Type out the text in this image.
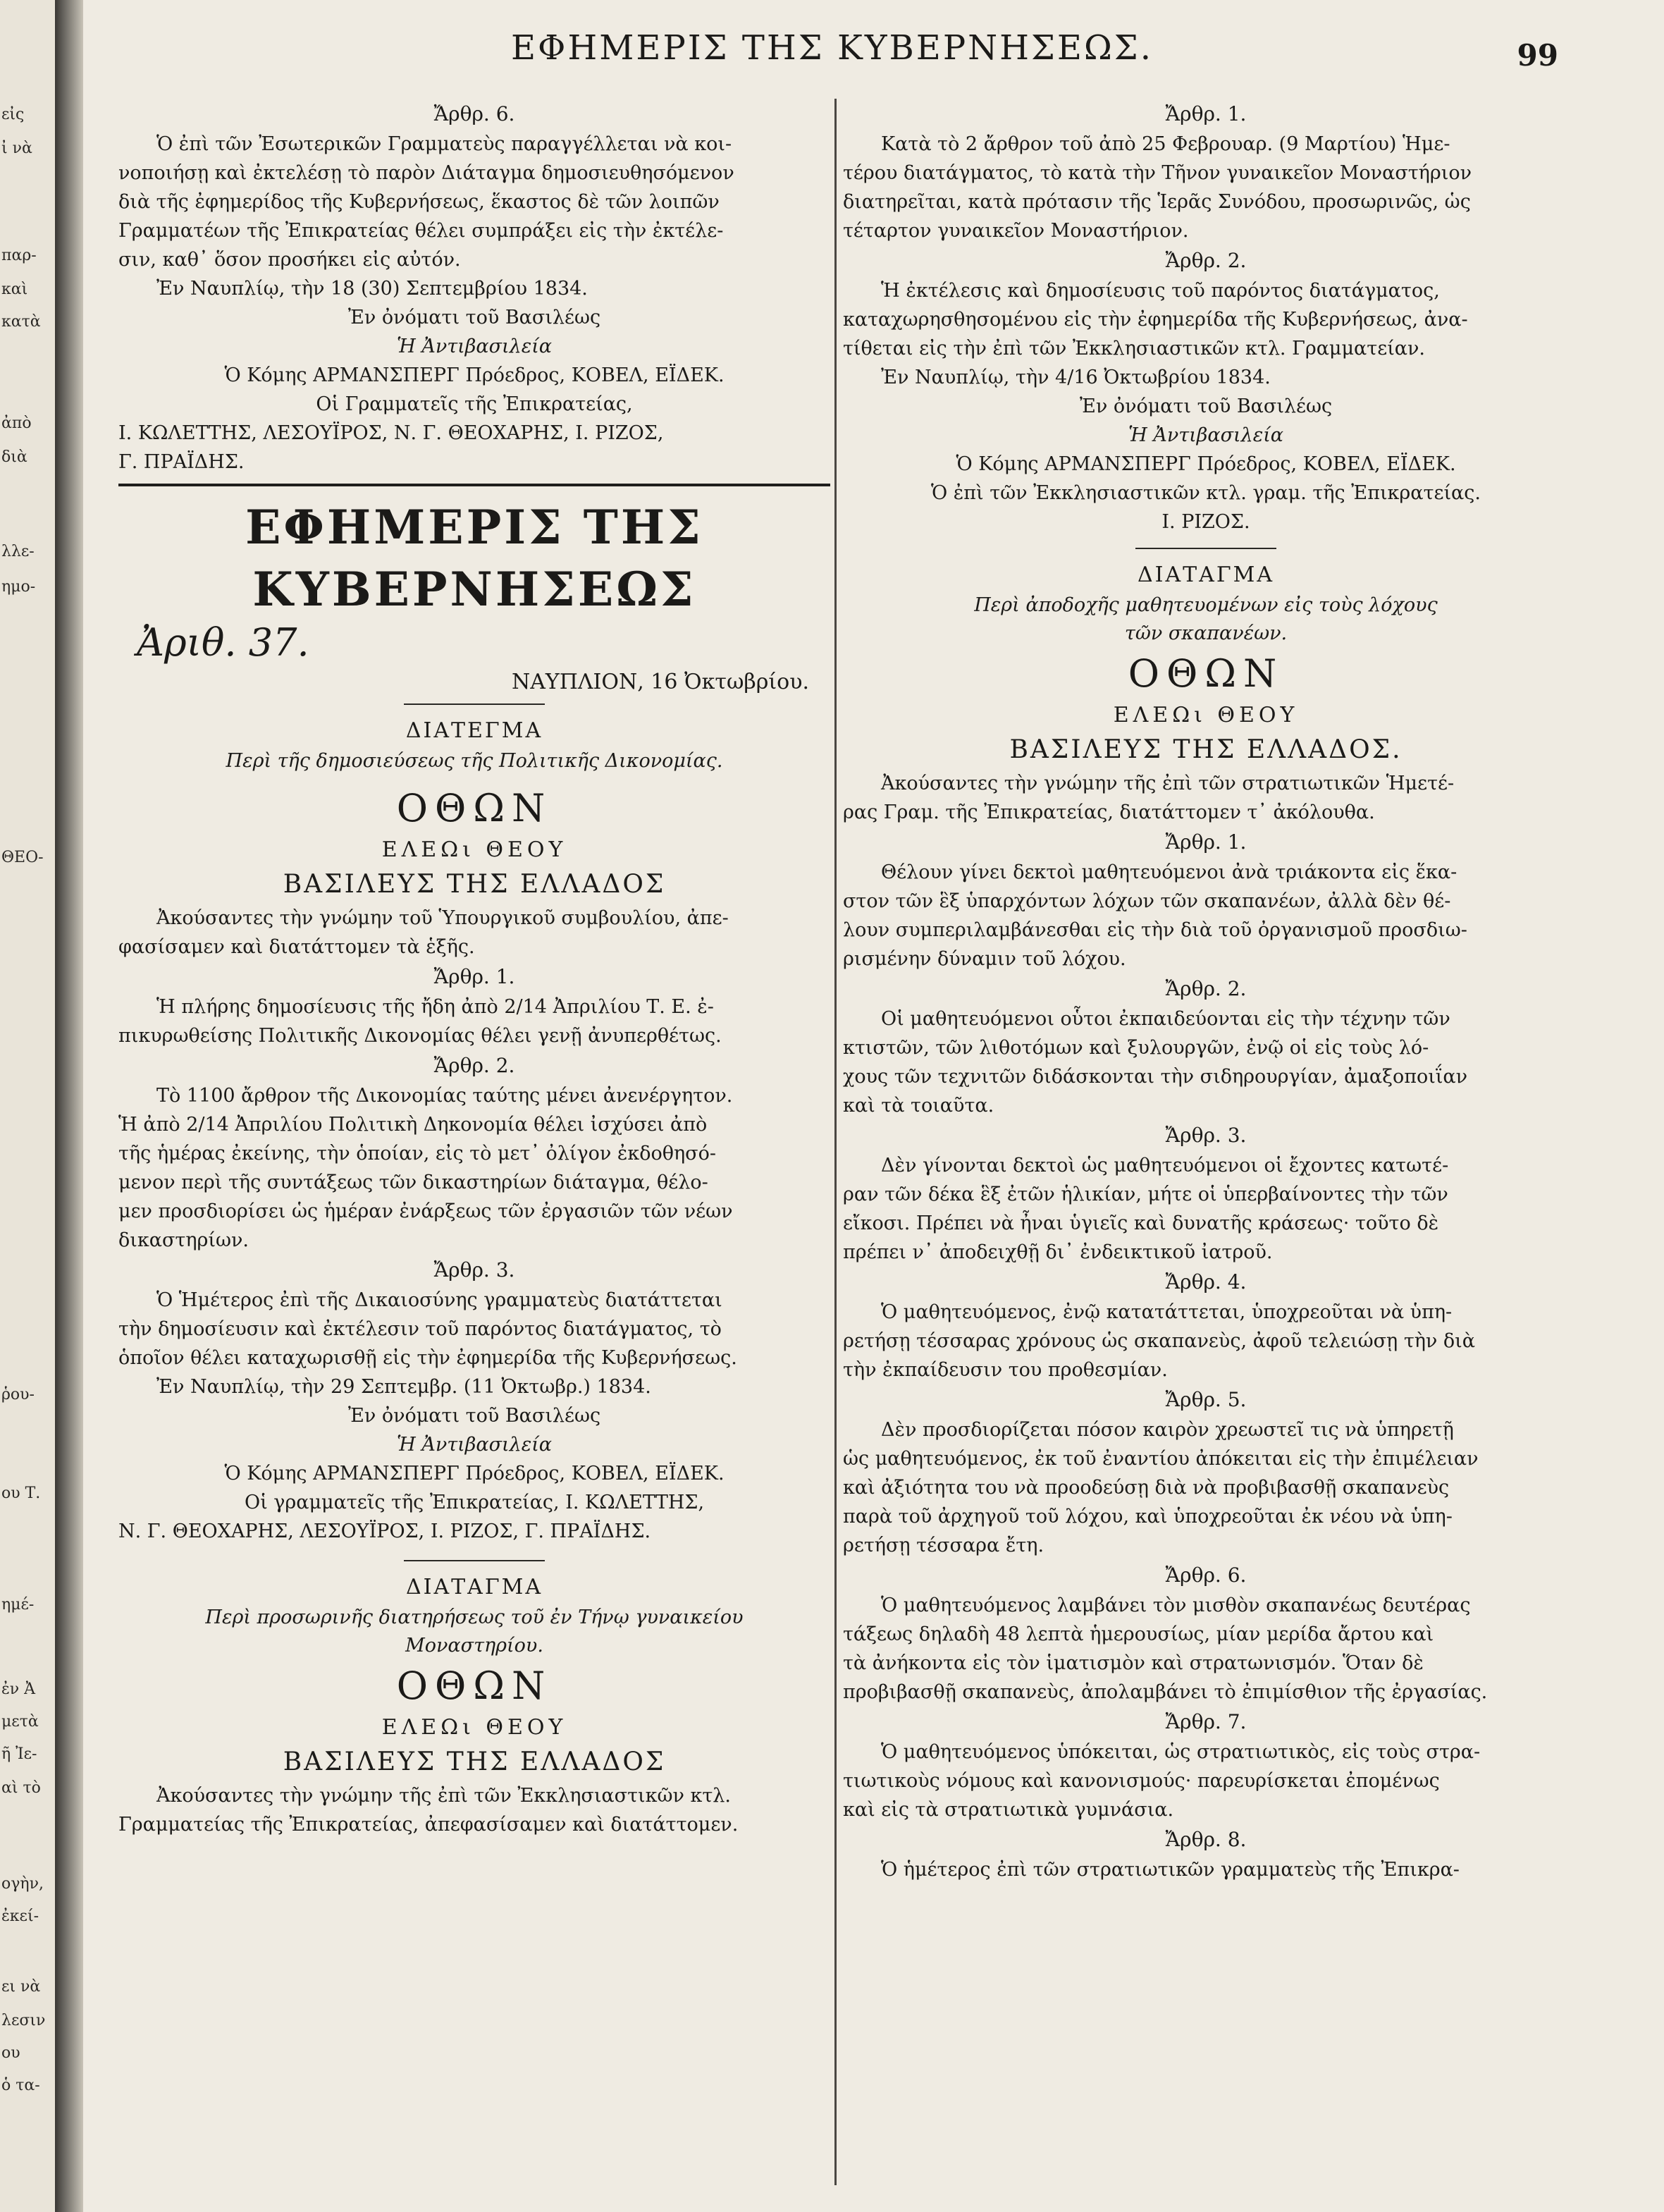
εἰς
ἰ νὰ
παρ-
καὶ
κατὰ
ἀπὸ
διὰ
λλε-
ημο-
ΘΕΟ-
ῥου-
ου Τ.
ημέ-
ἐν Ἀ
μετὰ
ῆ Ἰε-
αὶ τὸ
ογὴν,
ἐκεί-
ει νὰ
λεσιν
ου
ὁ τα-
ΕΦΗΜΕΡΙΣ ΤΗΣ ΚΥΒΕΡΝΗΣΕΩΣ.	99
Ἄρθρ. 6.
Ὁ ἐπὶ τῶν Ἐσωτερικῶν Γραμματεὺς παραγγέλλεται νὰ κοι-
νοποιήσῃ καὶ ἐκτελέσῃ τὸ παρὸν Διάταγμα δημοσιευθησόμενον
διὰ τῆς ἐφημερίδος τῆς Κυβερνήσεως, ἕκαστος δὲ τῶν λοιπῶν
Γραμματέων τῆς Ἐπικρατείας θέλει συμπράξει εἰς τὴν ἐκτέλε-
σιν, καθ᾽ ὅσον προσήκει εἰς αὐτόν.
Ἐν Ναυπλίῳ, τὴν 18 (30) Σεπτεμβρίου 1834.
Ἐν ὀνόματι τοῦ Βασιλέως
Ἡ Ἀντιβασιλεία
Ὁ Κόμης ΑΡΜΑΝΣΠΕΡΓ Πρόεδρος, ΚΟΒΕΛ, ΕΪΔΕΚ.
Οἱ Γραμματεῖς τῆς Ἐπικρατείας,
Ι. ΚΩΛΕΤΤΗΣ, ΛΕΣΟΥΪΡΟΣ, Ν. Γ. ΘΕΟΧΑΡΗΣ, Ι. ΡΙΖΟΣ,
Γ. ΠΡΑΪΔΗΣ.
ΕΦΗΜΕΡΙΣ ΤΗΣ ΚΥΒΕΡΝΗΣΕΩΣ
Ἀριθ. 37.
ΝΑΥΠΛΙΟΝ, 16 Ὀκτωβρίου.
ΔΙΑΤΕΓΜΑ
Περὶ τῆς δημοσιεύσεως τῆς Πολιτικῆς Δικονομίας.
ΟΘΩΝ
ΕΛΕΩι ΘΕΟΥ
ΒΑΣΙΛΕΥΣ ΤΗΣ ΕΛΛΑΔΟΣ
Ἀκούσαντες τὴν γνώμην τοῦ Ὑπουργικοῦ συμβουλίου, ἀπε-
φασίσαμεν καὶ διατάττομεν τὰ ἑξῆς.
Ἄρθρ. 1.
Ἡ πλήρης δημοσίευσις τῆς ἤδη ἀπὸ 2/14 Ἀπριλίου Τ. Ε. ἐ-
πικυρωθείσης Πολιτικῆς Δικονομίας θέλει γενῇ ἀνυπερθέτως.
Ἄρθρ. 2.
Τὸ 1100 ἄρθρον τῆς Δικονομίας ταύτης μένει ἀνενέργητον.
Ἡ ἀπὸ 2/14 Ἀπριλίου Πολιτικὴ Δηκονομία θέλει ἰσχύσει ἀπὸ
τῆς ἡμέρας ἐκείνης, τὴν ὁποίαν, εἰς τὸ μετ᾽ ὀλίγον ἐκδοθησό-
μενον περὶ τῆς συντάξεως τῶν δικαστηρίων διάταγμα, θέλο-
μεν προσδιορίσει ὡς ἡμέραν ἐνάρξεως τῶν ἐργασιῶν τῶν νέων
δικαστηρίων.
Ἄρθρ. 3.
Ὁ Ἡμέτερος ἐπὶ τῆς Δικαιοσύνης γραμματεὺς διατάττεται
τὴν δημοσίευσιν καὶ ἐκτέλεσιν τοῦ παρόντος διατάγματος, τὸ
ὁποῖον θέλει καταχωρισθῇ εἰς τὴν ἐφημερίδα τῆς Κυβερνήσεως.
Ἐν Ναυπλίῳ, τὴν 29 Σεπτεμβρ. (11 Ὀκτωβρ.) 1834.
Ἐν ὀνόματι τοῦ Βασιλέως
Ἡ Ἀντιβασιλεία
Ὁ Κόμης ΑΡΜΑΝΣΠΕΡΓ Πρόεδρος, ΚΟΒΕΛ, ΕΪΔΕΚ.
Οἱ γραμματεῖς τῆς Ἐπικρατείας, Ι. ΚΩΛΕΤΤΗΣ,
Ν. Γ. ΘΕΟΧΑΡΗΣ, ΛΕΣΟΥΪΡΟΣ, Ι. ΡΙΖΟΣ, Γ. ΠΡΑΪΔΗΣ.
ΔΙΑΤΑΓΜΑ
Περὶ προσωρινῆς διατηρήσεως τοῦ ἐν Τήνῳ γυναικείου
Μοναστηρίου.
ΟΘΩΝ
ΕΛΕΩι ΘΕΟΥ
ΒΑΣΙΛΕΥΣ ΤΗΣ ΕΛΛΑΔΟΣ
Ἀκούσαντες τὴν γνώμην τῆς ἐπὶ τῶν Ἐκκλησιαστικῶν κτλ.
Γραμματείας τῆς Ἐπικρατείας, ἀπεφασίσαμεν καὶ διατάττομεν.
Ἄρθρ. 1.
Κατὰ τὸ 2 ἄρθρον τοῦ ἀπὸ 25 Φεβρουαρ. (9 Μαρτίου) Ἡμε-
τέρου διατάγματος, τὸ κατὰ τὴν Τῆνον γυναικεῖον Μοναστήριον
διατηρεῖται, κατὰ πρότασιν τῆς Ἱερᾶς Συνόδου, προσωρινῶς, ὡς
τέταρτον γυναικεῖον Μοναστήριον.
Ἄρθρ. 2.
Ἡ ἐκτέλεσις καὶ δημοσίευσις τοῦ παρόντος διατάγματος,
καταχωρησθησομένου εἰς τὴν ἐφημερίδα τῆς Κυβερνήσεως, ἀνα-
τίθεται εἰς τὴν ἐπὶ τῶν Ἐκκλησιαστικῶν κτλ. Γραμματείαν.
Ἐν Ναυπλίῳ, τὴν 4/16 Ὀκτωβρίου 1834.
Ἐν ὀνόματι τοῦ Βασιλέως
Ἡ Ἀντιβασιλεία
Ὁ Κόμης ΑΡΜΑΝΣΠΕΡΓ Πρόεδρος, ΚΟΒΕΛ, ΕΪΔΕΚ.
Ὁ ἐπὶ τῶν Ἐκκλησιαστικῶν κτλ. γραμ. τῆς Ἐπικρατείας.
Ι. ΡΙΖΟΣ.
ΔΙΑΤΑΓΜΑ
Περὶ ἀποδοχῆς μαθητευομένων εἰς τοὺς λόχους
τῶν σκαπανέων.
ΟΘΩΝ
ΕΛΕΩι ΘΕΟΥ
ΒΑΣΙΛΕΥΣ ΤΗΣ ΕΛΛΑΔΟΣ.
Ἀκούσαντες τὴν γνώμην τῆς ἐπὶ τῶν στρατιωτικῶν Ἡμετέ-
ρας Γραμ. τῆς Ἐπικρατείας, διατάττομεν τ᾽ ἀκόλουθα.
Ἄρθρ. 1.
Θέλουν γίνει δεκτοὶ μαθητευόμενοι ἀνὰ τριάκοντα εἰς ἕκα-
στον τῶν ἓξ ὑπαρχόντων λόχων τῶν σκαπανέων, ἀλλὰ δὲν θέ-
λουν συμπεριλαμβάνεσθαι εἰς τὴν διὰ τοῦ ὀργανισμοῦ προσδιω-
ρισμένην δύναμιν τοῦ λόχου.
Ἄρθρ. 2.
Οἱ μαθητευόμενοι οὗτοι ἐκπαιδεύονται εἰς τὴν τέχνην τῶν
κτιστῶν, τῶν λιθοτόμων καὶ ξυλουργῶν, ἐνῷ οἱ εἰς τοὺς λό-
χους τῶν τεχνιτῶν διδάσκονται τὴν σιδηρουργίαν, ἀμαξοποιΐαν
καὶ τὰ τοιαῦτα.
Ἄρθρ. 3.
Δὲν γίνονται δεκτοὶ ὡς μαθητευόμενοι οἱ ἔχοντες κατωτέ-
ραν τῶν δέκα ἓξ ἐτῶν ἡλικίαν, μήτε οἱ ὑπερβαίνοντες τὴν τῶν
εἴκοσι. Πρέπει νὰ ἦναι ὑγιεῖς καὶ δυνατῆς κράσεως· τοῦτο δὲ
πρέπει ν᾽ ἀποδειχθῇ δι᾽ ἐνδεικτικοῦ ἰατροῦ.
Ἄρθρ. 4.
Ὁ μαθητευόμενος, ἐνῷ κατατάττεται, ὑποχρεοῦται νὰ ὑπη-
ρετήσῃ τέσσαρας χρόνους ὡς σκαπανεὺς, ἀφοῦ τελειώσῃ τὴν διὰ
τὴν ἐκπαίδευσιν του προθεσμίαν.
Ἄρθρ. 5.
Δὲν προσδιορίζεται πόσον καιρὸν χρεωστεῖ τις νὰ ὑπηρετῇ
ὡς μαθητευόμενος, ἐκ τοῦ ἐναντίου ἀπόκειται εἰς τὴν ἐπιμέλειαν
καὶ ἀξιότητα του νὰ προοδεύσῃ διὰ νὰ προβιβασθῇ σκαπανεὺς
παρὰ τοῦ ἀρχηγοῦ τοῦ λόχου, καὶ ὑποχρεοῦται ἐκ νέου νὰ ὑπη-
ρετήσῃ τέσσαρα ἔτη.
Ἄρθρ. 6.
Ὁ μαθητευόμενος λαμβάνει τὸν μισθὸν σκαπανέως δευτέρας
τάξεως δηλαδὴ 48 λεπτὰ ἡμερουσίως, μίαν μερίδα ἄρτου καὶ
τὰ ἀνήκοντα εἰς τὸν ἱματισμὸν καὶ στρατωνισμόν. Ὅταν δὲ
προβιβασθῇ σκαπανεὺς, ἀπολαμβάνει τὸ ἐπιμίσθιον τῆς ἐργασίας.
Ἄρθρ. 7.
Ὁ μαθητευόμενος ὑπόκειται, ὡς στρατιωτικὸς, εἰς τοὺς στρα-
τιωτικοὺς νόμους καὶ κανονισμούς· παρευρίσκεται ἐπομένως
καὶ εἰς τὰ στρατιωτικὰ γυμνάσια.
Ἄρθρ. 8.
Ὁ ἡμέτερος ἐπὶ τῶν στρατιωτικῶν γραμματεὺς τῆς Ἐπικρα-
